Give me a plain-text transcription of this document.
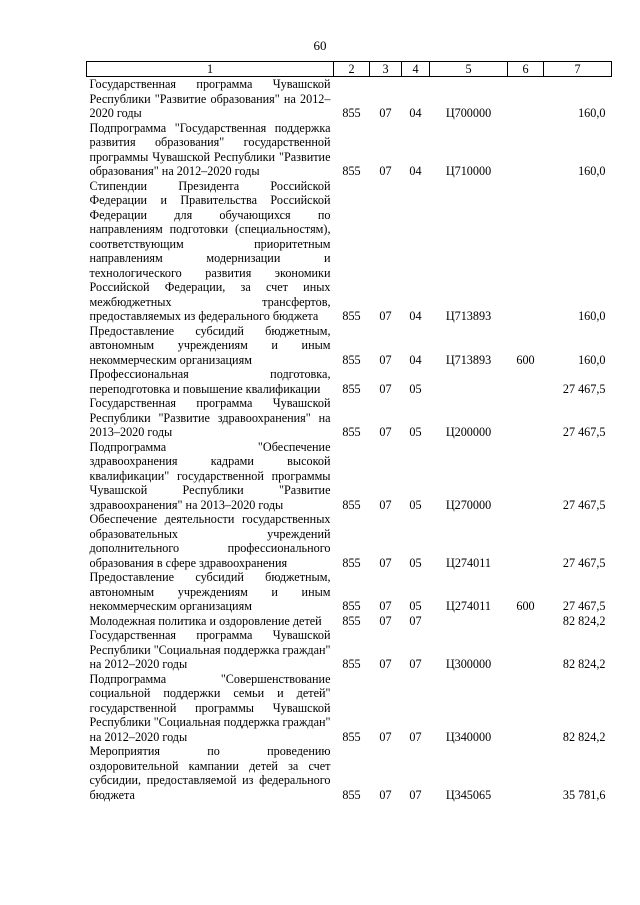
60
1	2	3	4	5	6	7
Государственная программа Чувашской Республики "Развитие образования" на 2012–2020 годы	855	07	04	Ц700000		160,0
Подпрограмма "Государственная поддержка развития образования" государственной программы Чувашской Республики "Развитие образования" на 2012–2020 годы	855	07	04	Ц710000		160,0
Стипендии Президента Российской Федерации и Правительства Российской Федерации для обучающихся по направлениям подготовки (специальностям), соответствующим приоритетным направлениям модернизации и технологического развития экономики Российской Федерации, за счет иных межбюджетных трансфертов, предоставляемых из федерального бюджета	855	07	04	Ц713893		160,0
Предоставление субсидий бюджетным, автономным учреждениям и иным некоммерческим организациям	855	07	04	Ц713893	600	160,0
Профессиональная подготовка, переподготовка и повышение квалификации	855	07	05			27 467,5
Государственная программа Чувашской Республики "Развитие здравоохранения" на 2013–2020 годы	855	07	05	Ц200000		27 467,5
Подпрограмма "Обеспечение здравоохранения кадрами высокой квалификации" государственной программы Чувашской Республики "Развитие здравоохранения" на 2013–2020 годы	855	07	05	Ц270000		27 467,5
Обеспечение деятельности государственных образовательных учреждений дополнительного профессионального образования в сфере здравоохранения	855	07	05	Ц274011		27 467,5
Предоставление субсидий бюджетным, автономным учреждениям и иным некоммерческим организациям	855	07	05	Ц274011	600	27 467,5
Молодежная политика и оздоровление детей	855	07	07			82 824,2
Государственная программа Чувашской Республики "Социальная поддержка граждан" на 2012–2020 годы	855	07	07	Ц300000		82 824,2
Подпрограмма "Совершенствование социальной поддержки семьи и детей" государственной программы Чувашской Республики "Социальная поддержка граждан" на 2012–2020 годы	855	07	07	Ц340000		82 824,2
Мероприятия по проведению оздоровительной кампании детей за счет субсидии, предоставляемой из федерального бюджета	855	07	07	Ц345065		35 781,6
